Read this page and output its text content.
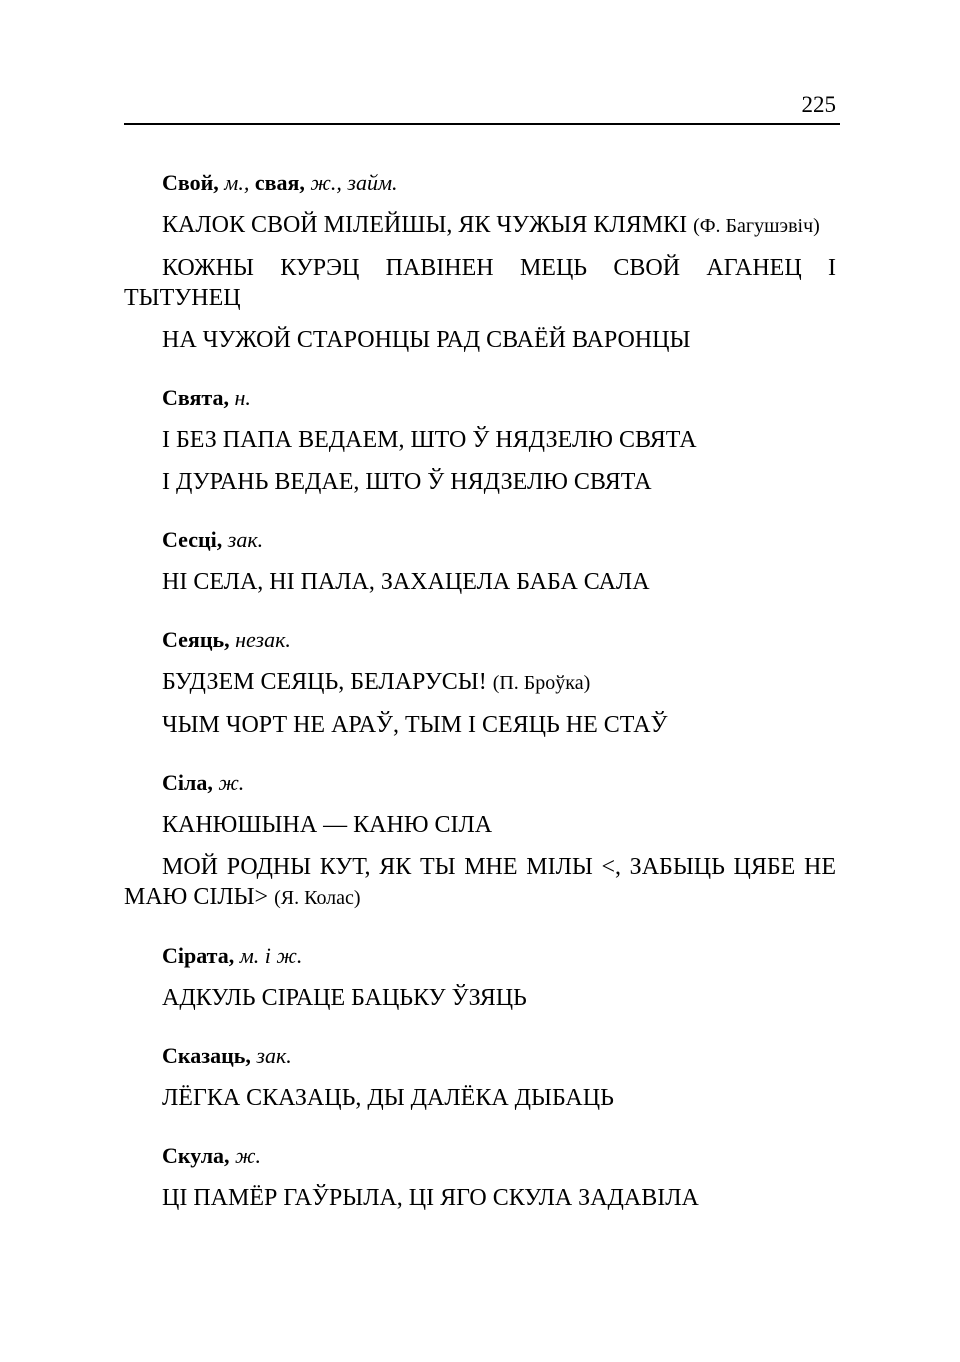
225
Свой, м., свая, ж., займ.
КАЛОК СВОЙ МІЛЕЙШЫ, ЯК ЧУЖЫЯ КЛЯМКІ (Ф. Багушэвіч)
КОЖНЫ КУРЭЦ ПАВІНЕН МЕЦЬ СВОЙ АГАНЕЦ І ТЫТУНЕЦ
НА ЧУЖОЙ СТАРОНЦЫ РАД СВАЁЙ ВАРОНЦЫ
Свята, н.
І БЕЗ ПАПА ВЕДАЕМ, ШТО Ў НЯДЗЕЛЮ СВЯТА
І ДУРАНЬ ВЕДАЕ, ШТО Ў НЯДЗЕЛЮ СВЯТА
Сесці, зак.
НІ СЕЛА, НІ ПАЛА, ЗАХАЦЕЛА БАБА САЛА
Сеяць, незак.
БУДЗЕМ СЕЯЦЬ, БЕЛАРУСЫ! (П. Броўка)
ЧЫМ ЧОРТ НЕ АРАЎ, ТЫМ І СЕЯЦЬ НЕ СТАЎ
Сіла, ж.
КАНЮШЫНА — КАНЮ СІЛА
МОЙ РОДНЫ КУТ, ЯК ТЫ МНЕ МІЛЫ <, ЗАБЫЦЬ ЦЯБЕ НЕ МАЮ СІЛЫ> (Я. Колас)
Сірата, м. і ж.
АДКУЛЬ СІРАЦЕ БАЦЬКУ ЎЗЯЦЬ
Сказаць, зак.
ЛЁГКА СКАЗАЦЬ, ДЫ ДАЛЁКА ДЫБАЦЬ
Скула, ж.
ЦІ ПАМЁР ГАЎРЫЛА, ЦІ ЯГО СКУЛА ЗАДАВІЛА
